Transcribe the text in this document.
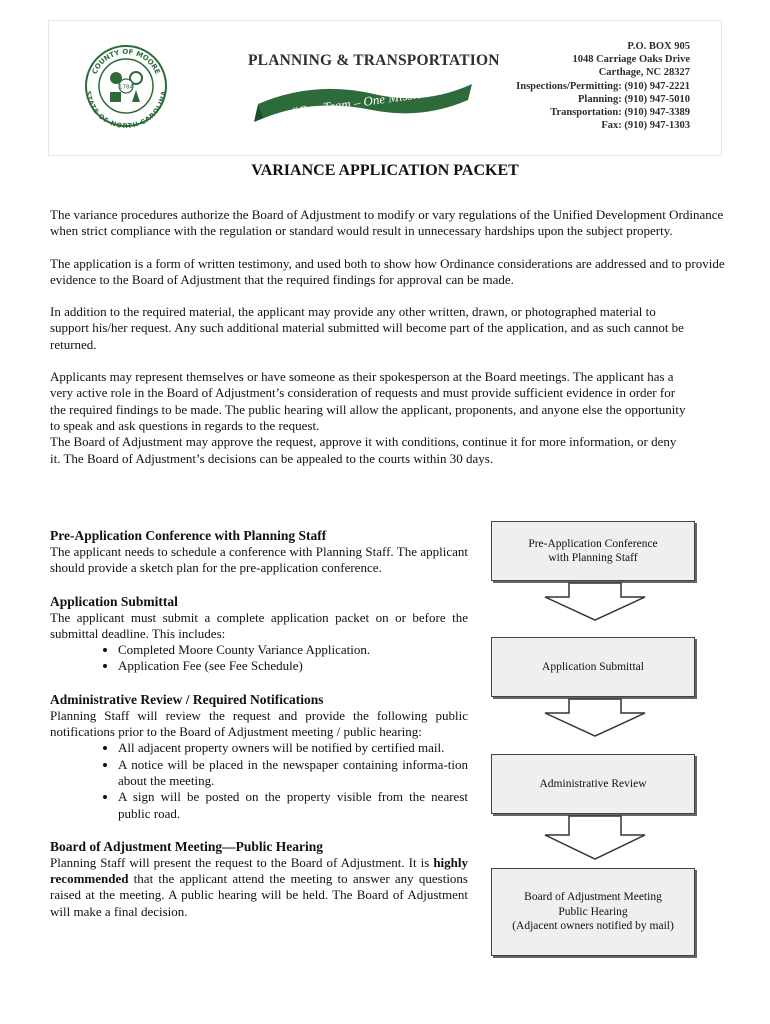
COUNTY OF MOORE
STATE OF NORTH CAROLINA
1784
PLANNING & TRANSPORTATION
“One Team – One Mission”
P.O. BOX 905
1048 Carriage Oaks Drive
Carthage, NC 28327
Inspections/Permitting: (910) 947-2221
Planning: (910) 947-5010
Transportation: (910) 947-3389
Fax: (910) 947-1303
VARIANCE APPLICATION PACKET

The variance procedures authorize the Board of Adjustment to modify or vary regulations of the Unified Development Ordinance when strict compliance with the regulation or standard would result in unnecessary hardships upon the subject property.

The application is a form of written testimony, and used both to show how Ordinance considerations are addressed and to provide evidence to the Board of Adjustment that the required findings for approval can be made.

In addition to the required material, the applicant may provide any other written, drawn, or photographed material to support his/her request. Any such additional material submitted will become part of the application, and as such cannot be returned.

Applicants may represent themselves or have someone as their spokesperson at the Board meetings. The applicant has a very active role in the Board of Adjustment’s consideration of requests and must provide sufficient evidence in order for the required findings to be made. The public hearing will allow the applicant, proponents, and anyone else the opportunity to speak and ask questions in regards to the request.

The Board of Adjustment may approve the request, approve it with conditions, continue it for more information, or deny it. The Board of Adjustment’s decisions can be appealed to the courts within 30 days.

Pre-Application Conference with Planning Staff

The applicant needs to schedule a conference with Planning Staff. The applicant should provide a sketch plan for the pre-application conference.

Application Submittal

The applicant must submit a complete application packet on or before the submittal deadline. This includes:

• Completed Moore County Variance Application.
• Application Fee (see Fee Schedule)
Administrative Review / Required Notifications

Planning Staff will review the request and provide the following public notifications prior to the Board of Adjustment meeting / public hearing:

• All adjacent property owners will be notified by certified mail.
• A notice will be placed in the newspaper containing informa-tion about the meeting.
• A sign will be posted on the property visible from the nearest public road.
Board of Adjustment Meeting—Public Hearing

Planning Staff will present the request to the Board of Adjustment. It is highly recommended that the applicant attend the meeting to answer any questions raised at the meeting. A public hearing will be held. The Board of Adjustment will make a final decision.

Pre-Application Conference
with Planning Staff
Application Submittal
Administrative Review
Board of Adjustment Meeting
Public Hearing
(Adjacent owners notified by mail)
